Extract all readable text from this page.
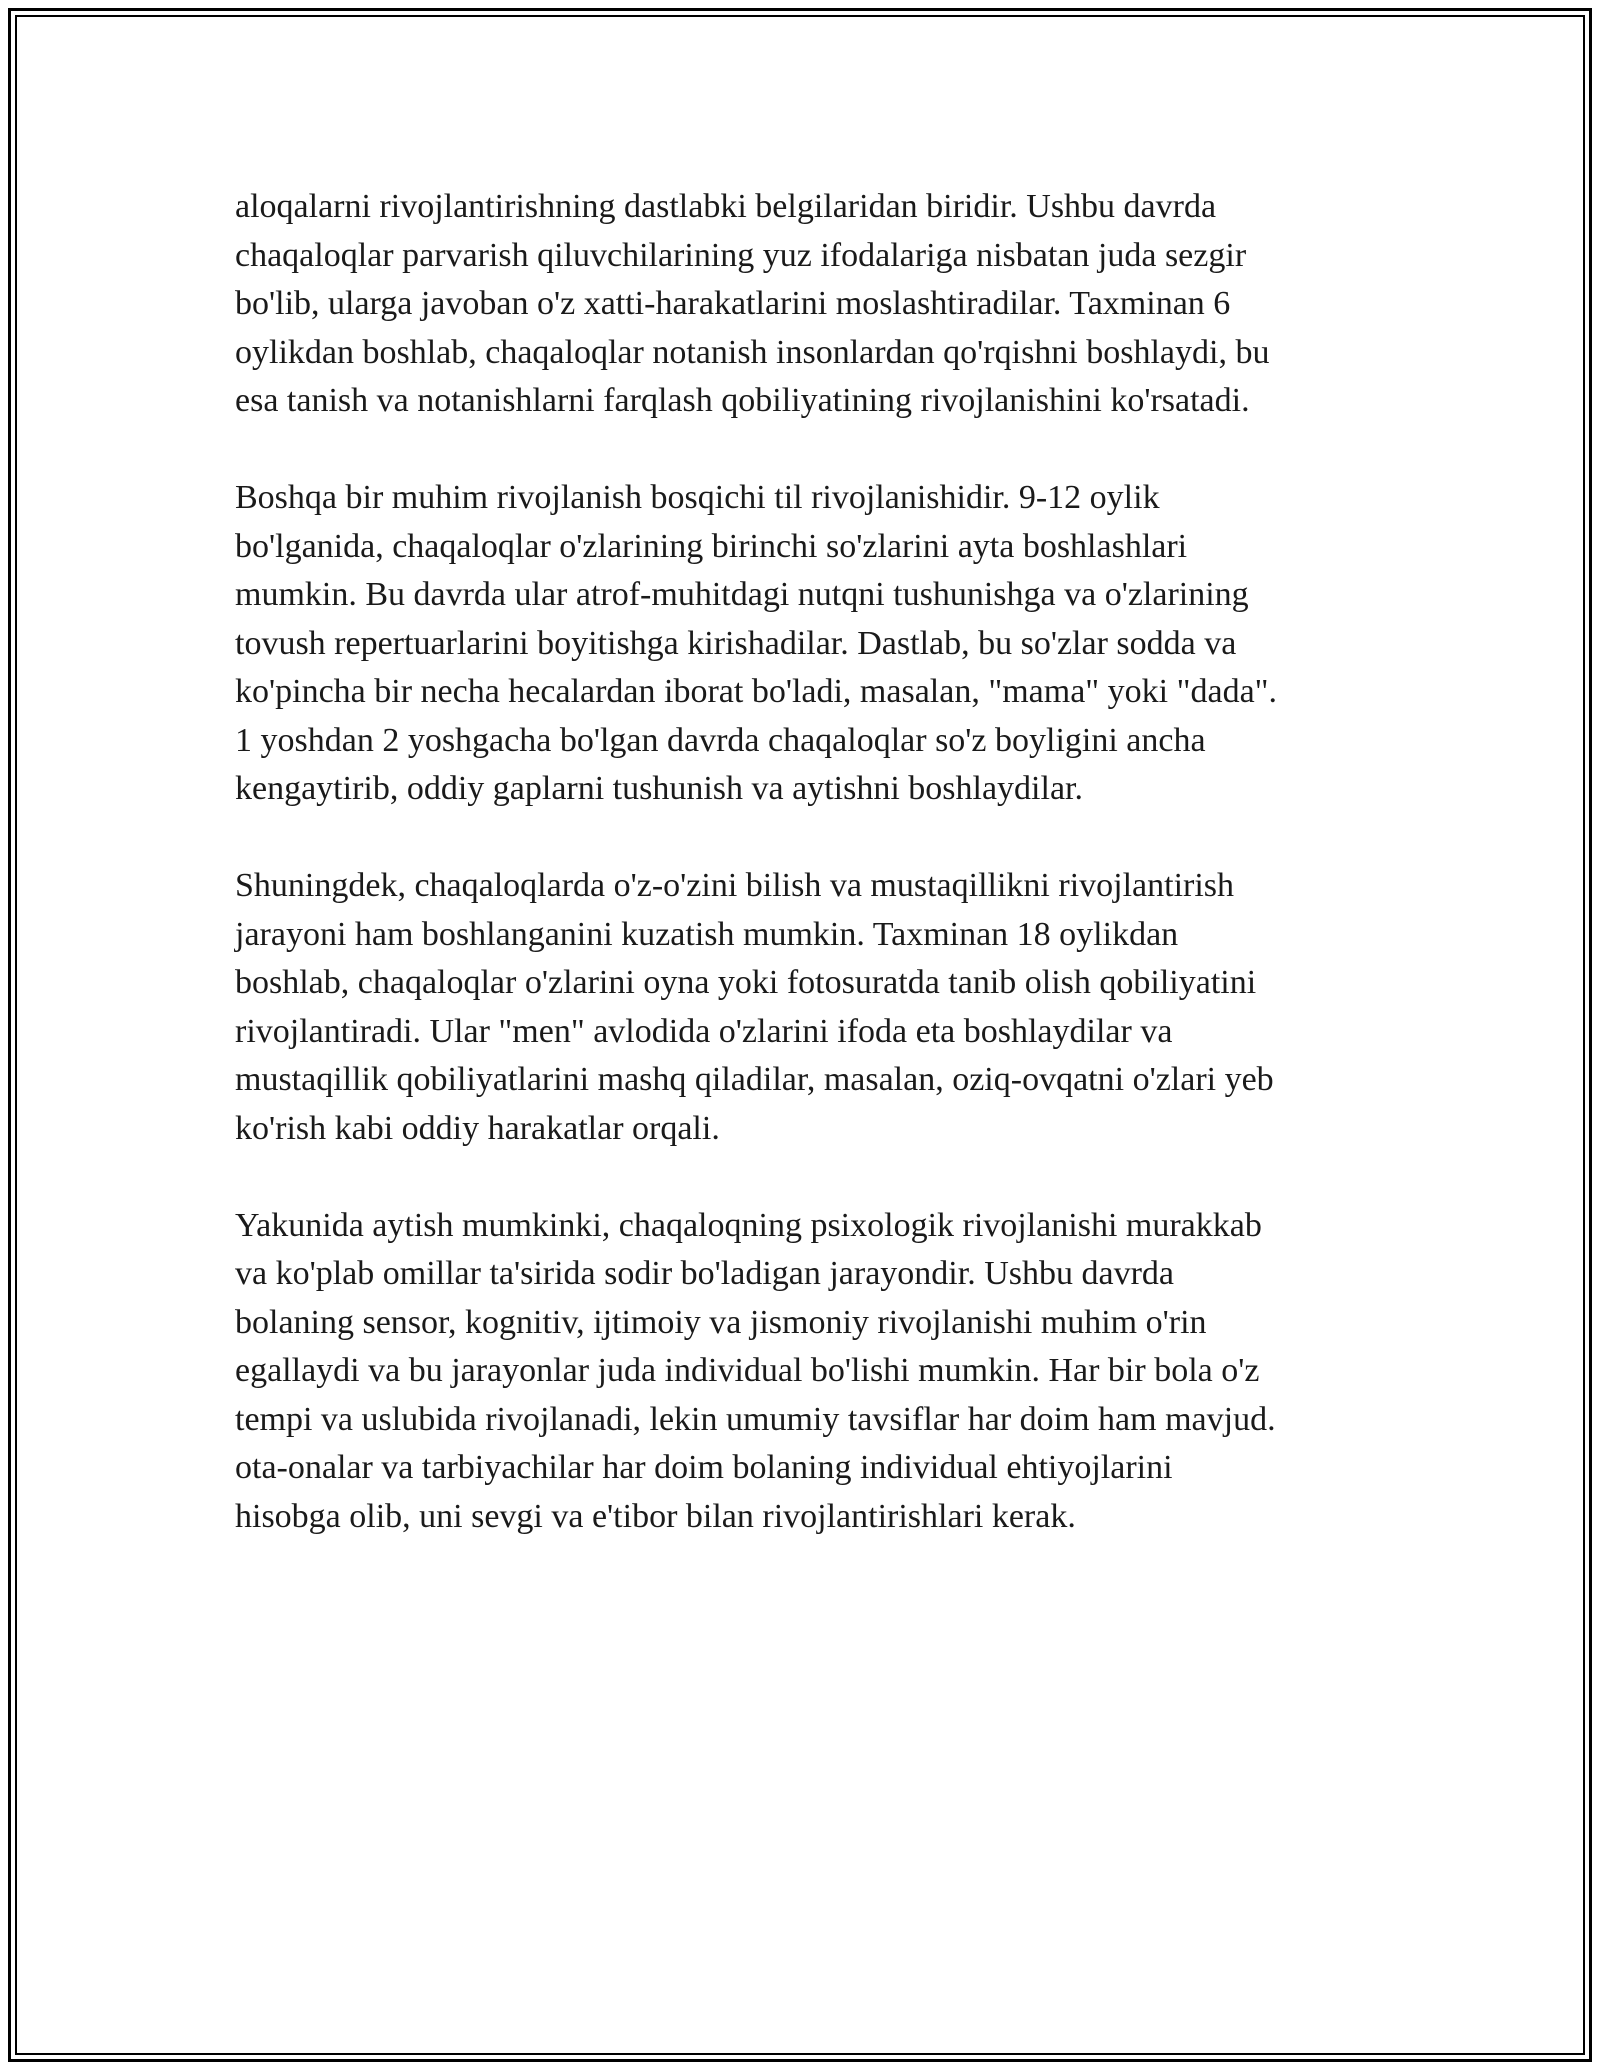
aloqalarni rivojlantirishning dastlabki belgilaridan biridir. Ushbu davrda
chaqaloqlar parvarish qiluvchilarining yuz ifodalariga nisbatan juda sezgir
bo'lib, ularga javoban o'z xatti-harakatlarini moslashtiradilar. Taxminan 6
oylikdan boshlab, chaqaloqlar notanish insonlardan qo'rqishni boshlaydi, bu
esa tanish va notanishlarni farqlash qobiliyatining rivojlanishini ko'rsatadi.

Boshqa bir muhim rivojlanish bosqichi til rivojlanishidir. 9-12 oylik
bo'lganida, chaqaloqlar o'zlarining birinchi so'zlarini ayta boshlashlari
mumkin. Bu davrda ular atrof-muhitdagi nutqni tushunishga va o'zlarining
tovush repertuarlarini boyitishga kirishadilar. Dastlab, bu so'zlar sodda va
ko'pincha bir necha hecalardan iborat bo'ladi, masalan, "mama" yoki "dada".
1 yoshdan 2 yoshgacha bo'lgan davrda chaqaloqlar so'z boyligini ancha
kengaytirib, oddiy gaplarni tushunish va aytishni boshlaydilar.

Shuningdek, chaqaloqlarda o'z-o'zini bilish va mustaqillikni rivojlantirish
jarayoni ham boshlanganini kuzatish mumkin. Taxminan 18 oylikdan
boshlab, chaqaloqlar o'zlarini oyna yoki fotosuratda tanib olish qobiliyatini
rivojlantiradi. Ular "men" avlodida o'zlarini ifoda eta boshlaydilar va
mustaqillik qobiliyatlarini mashq qiladilar, masalan, oziq-ovqatni o'zlari yeb
ko'rish kabi oddiy harakatlar orqali.

Yakunida aytish mumkinki, chaqaloqning psixologik rivojlanishi murakkab
va ko'plab omillar ta'sirida sodir bo'ladigan jarayondir. Ushbu davrda
bolaning sensor, kognitiv, ijtimoiy va jismoniy rivojlanishi muhim o'rin
egallaydi va bu jarayonlar juda individual bo'lishi mumkin. Har bir bola o'z
tempi va uslubida rivojlanadi, lekin umumiy tavsiflar har doim ham mavjud.
ota-onalar va tarbiyachilar har doim bolaning individual ehtiyojlarini
hisobga olib, uni sevgi va e'tibor bilan rivojlantirishlari kerak.
